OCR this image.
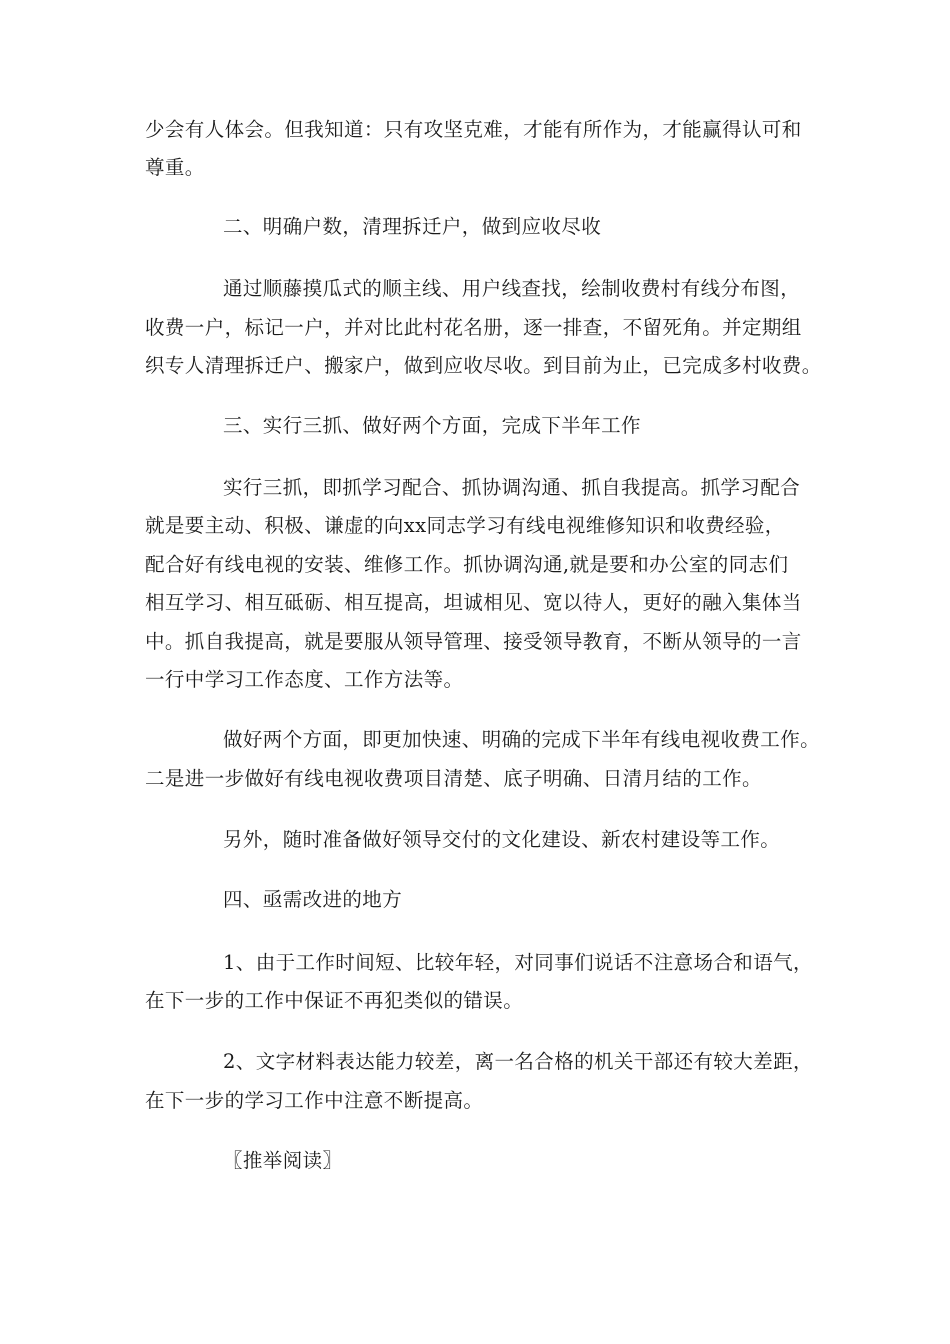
少会有人体会。但我知道：只有攻坚克难，才能有所作为，才能赢得认可和
尊重。
二、明确户数，清理拆迁户，做到应收尽收
通过顺藤摸瓜式的顺主线、用户线查找，绘制收费村有线分布图，
收费一户，标记一户，并对比此村花名册，逐一排查，不留死角。并定期组
织专人清理拆迁户、搬家户，做到应收尽收。到目前为止，已完成多村收费。
三、实行三抓、做好两个方面，完成下半年工作
实行三抓，即抓学习配合、抓协调沟通、抓自我提高。抓学习配合
就是要主动、积极、谦虚的向xx同志学习有线电视维修知识和收费经验，
配合好有线电视的安装、维修工作。抓协调沟通,就是要和办公室的同志们
相互学习、相互砥砺、相互提高，坦诚相见、宽以待人，更好的融入集体当
中。抓自我提高，就是要服从领导管理、接受领导教育，不断从领导的一言
一行中学习工作态度、工作方法等。
做好两个方面，即更加快速、明确的完成下半年有线电视收费工作。
二是进一步做好有线电视收费项目清楚、底子明确、日清月结的工作。
另外，随时准备做好领导交付的文化建设、新农村建设等工作。
四、亟需改进的地方
1、由于工作时间短、比较年轻，对同事们说话不注意场合和语气，
在下一步的工作中保证不再犯类似的错误。
2、文字材料表达能力较差，离一名合格的机关干部还有较大差距，
在下一步的学习工作中注意不断提高。
〖推举阅读〗
